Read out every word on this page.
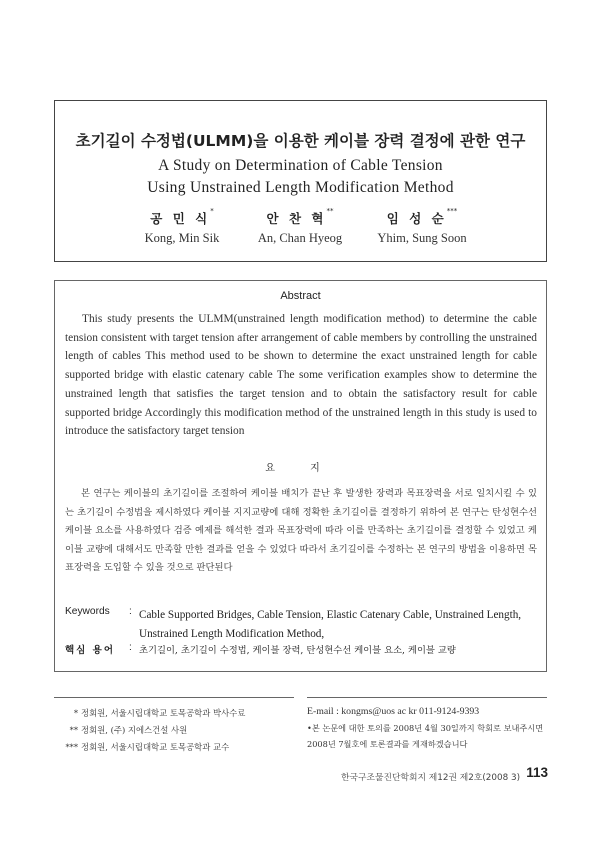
초기길이 수정법(ULMM)을 이용한 케이블 장력 결정에 관한 연구
A Study on Determination of Cable Tension
Using Unstrained Length Modification Method
공 민 식*	안 찬 혁**	임 성 순***
Kong, Min Sik	An, Chan Hyeog	Yhim, Sung Soon
Abstract
This study presents the ULMM(unstrained length modification method) to determine the cable tension consistent with target tension after arrangement of cable members by controlling the unstrained length of cables This method used to be shown to determine the exact unstrained length for cable supported bridge with elastic catenary cable The some verification examples show to determine the unstrained length that satisfies the target tension and to obtain the satisfactory result for cable supported bridge Accordingly this modification method of the unstrained length in this study is used to introduce the satisfactory target tension
요 지
본 연구는 케이블의 초기길이를 조절하여 케이블 배치가 끝난 후 발생한 장력과 목표장력을 서로 일치시킬 수 있는 초기길이 수정법을 제시하였다 케이블 지지교량에 대해 정확한 초기길이를 결정하기 위하여 본 연구는 탄성현수선 케이블 요소를 사용하였다 검증 예제를 해석한 결과 목표장력에 따라 이를 만족하는 초기길이를 결정할 수 있었고 케이블 교량에 대해서도 만족할 만한 결과를 얻을 수 있었다 따라서 초기길이를 수정하는 본 연구의 방법을 이용하면 목표장력을 도입할 수 있을 것으로 판단된다
Keywords : Cable Supported Bridges, Cable Tension, Elastic Catenary Cable, Unstrained Length, Unstrained Length Modification Method,
핵심 용어 : 초기길이, 초기길이 수정법, 케이블 장력, 탄성현수선 케이블 요소, 케이블 교량
* 정회원, 서울시립대학교 토목공학과 박사수료
** 정회원, (주) 지에스건설 사원
*** 정회원, 서울시립대학교 토목공학과 교수
E-mail : kongms@uos ac kr 011-9124-9393
•본 논문에 대한 토의를 2008년 4월 30일까지 학회로 보내주시면 2008년 7월호에 토론결과를 게재하겠습니다
한국구조물진단학회지 제12권 제2호(2008 3) 113
